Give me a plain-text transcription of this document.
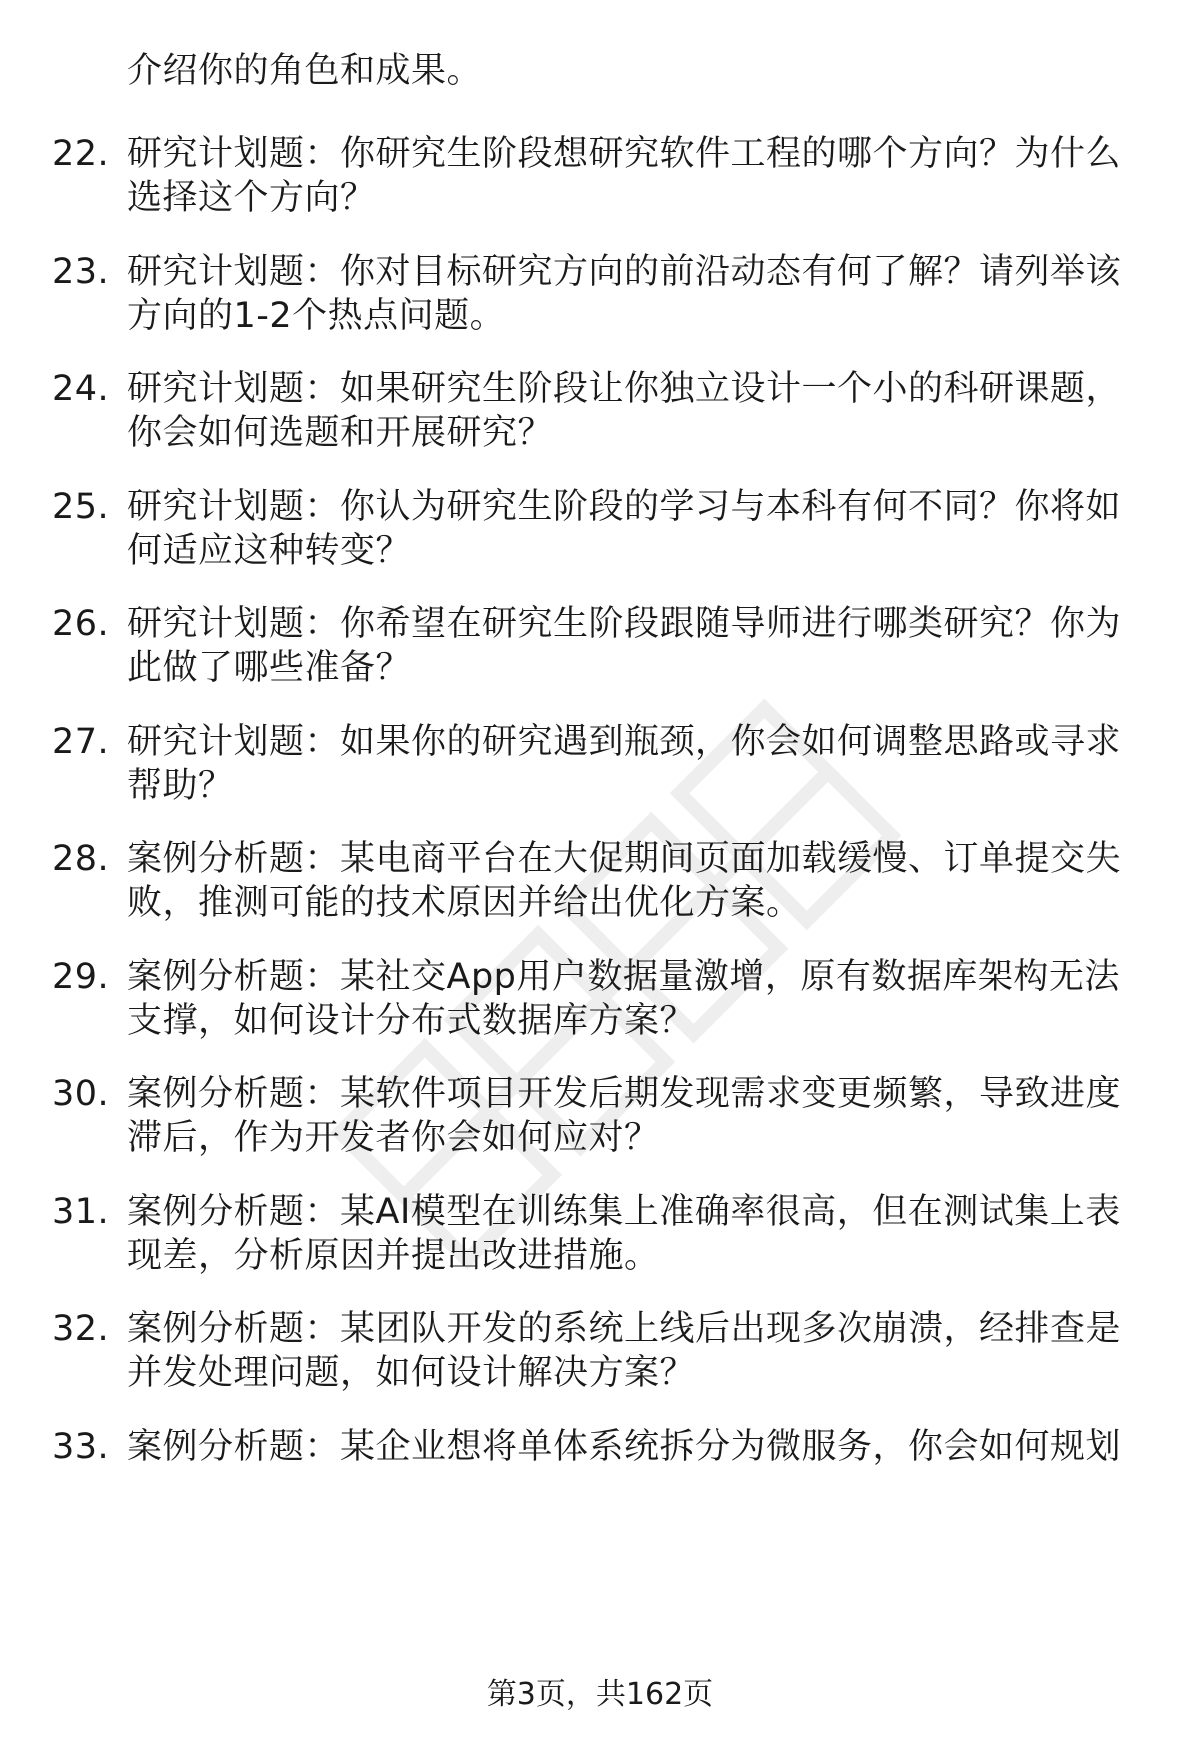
介绍你的角色和成果。
22. 研究计划题：你研究生阶段想研究软件工程的哪个方向？为什么
选择这个方向？
23. 研究计划题：你对目标研究方向的前沿动态有何了解？请列举该
方向的1-2个热点问题。
24. 研究计划题：如果研究生阶段让你独立设计一个小的科研课题，
你会如何选题和开展研究？
25. 研究计划题：你认为研究生阶段的学习与本科有何不同？你将如
何适应这种转变？
26. 研究计划题：你希望在研究生阶段跟随导师进行哪类研究？你为
此做了哪些准备？
27. 研究计划题：如果你的研究遇到瓶颈，你会如何调整思路或寻求
帮助？
28. 案例分析题：某电商平台在大促期间页面加载缓慢、订单提交失
败，推测可能的技术原因并给出优化方案。
29. 案例分析题：某社交App用户数据量激增，原有数据库架构无法
支撑，如何设计分布式数据库方案？
30. 案例分析题：某软件项目开发后期发现需求变更频繁，导致进度
滞后，作为开发者你会如何应对？
31. 案例分析题：某AI模型在训练集上准确率很高，但在测试集上表
现差，分析原因并提出改进措施。
32. 案例分析题：某团队开发的系统上线后出现多次崩溃，经排查是
并发处理问题，如何设计解决方案？
33. 案例分析题：某企业想将单体系统拆分为微服务，你会如何规划
第3页，共162页
